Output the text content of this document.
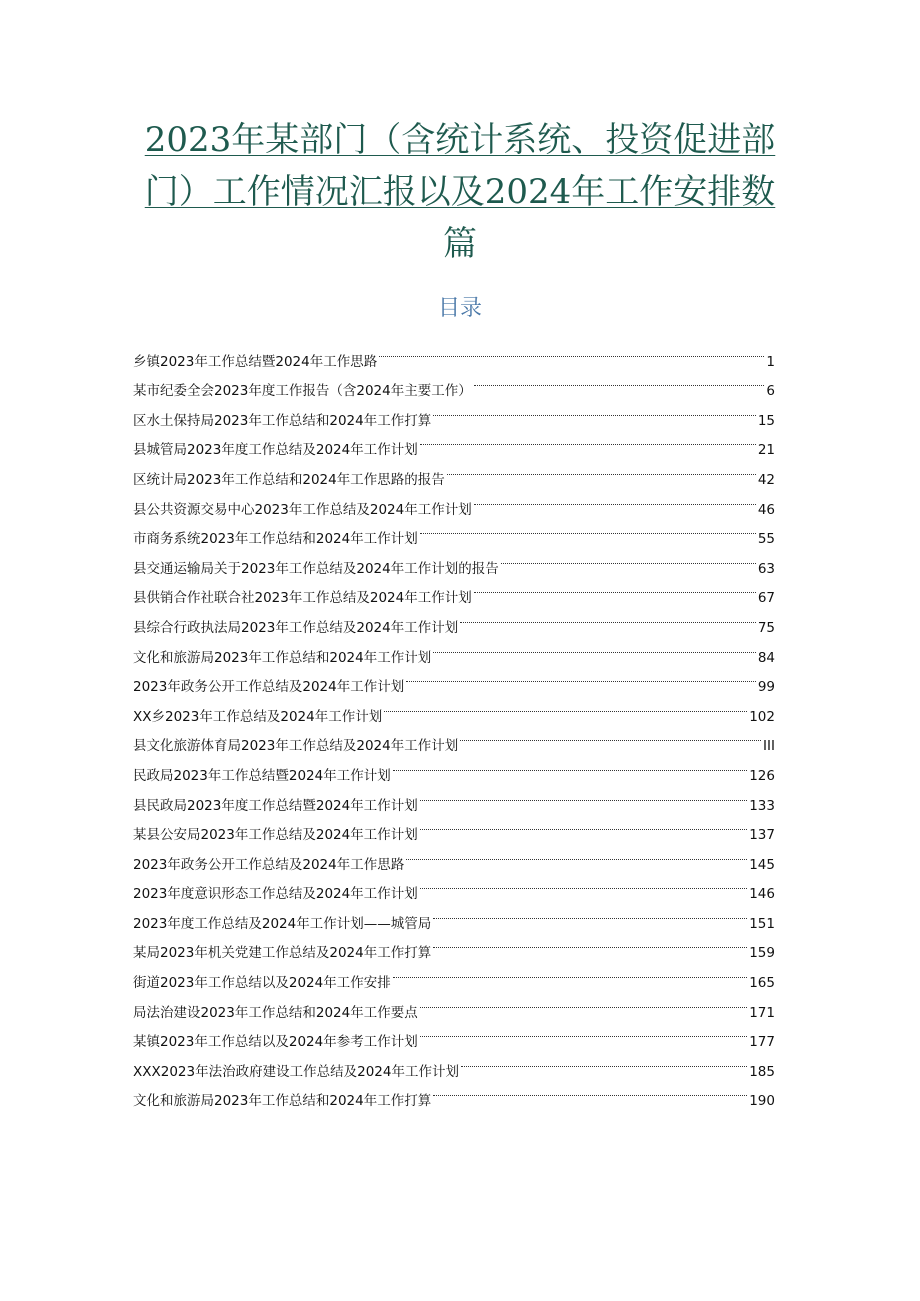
2023年某部门（含统计系统、投资促进部
门）工作情况汇报以及2024年工作安排数
篇
目录
乡镇2023年工作总结暨2024年工作思路	1
某市纪委全会2023年度工作报告（含2024年主要工作）	6
区水土保持局2023年工作总结和2024年工作打算	15
县城管局2023年度工作总结及2024年工作计划	21
区统计局2023年工作总结和2024年工作思路的报告	42
县公共资源交易中心2023年工作总结及2024年工作计划	46
市商务系统2023年工作总结和2024年工作计划	55
县交通运输局关于2023年工作总结及2024年工作计划的报告	63
县供销合作社联合社2023年工作总结及2024年工作计划	67
县综合行政执法局2023年工作总结及2024年工作计划	75
文化和旅游局2023年工作总结和2024年工作计划	84
2023年政务公开工作总结及2024年工作计划	99
XX乡2023年工作总结及2024年工作计划	102
县文化旅游体育局2023年工作总结及2024年工作计划	III
民政局2023年工作总结暨2024年工作计划	126
县民政局2023年度工作总结暨2024年工作计划	133
某县公安局2023年工作总结及2024年工作计划	137
2023年政务公开工作总结及2024年工作思路	145
2023年度意识形态工作总结及2024年工作计划	146
2023年度工作总结及2024年工作计划——城管局	151
某局2023年机关党建工作总结及2024年工作打算	159
街道2023年工作总结以及2024年工作安排	165
局法治建设2023年工作总结和2024年工作要点	171
某镇2023年工作总结以及2024年参考工作计划	177
XXX2023年法治政府建设工作总结及2024年工作计划	185
文化和旅游局2023年工作总结和2024年工作打算	190
